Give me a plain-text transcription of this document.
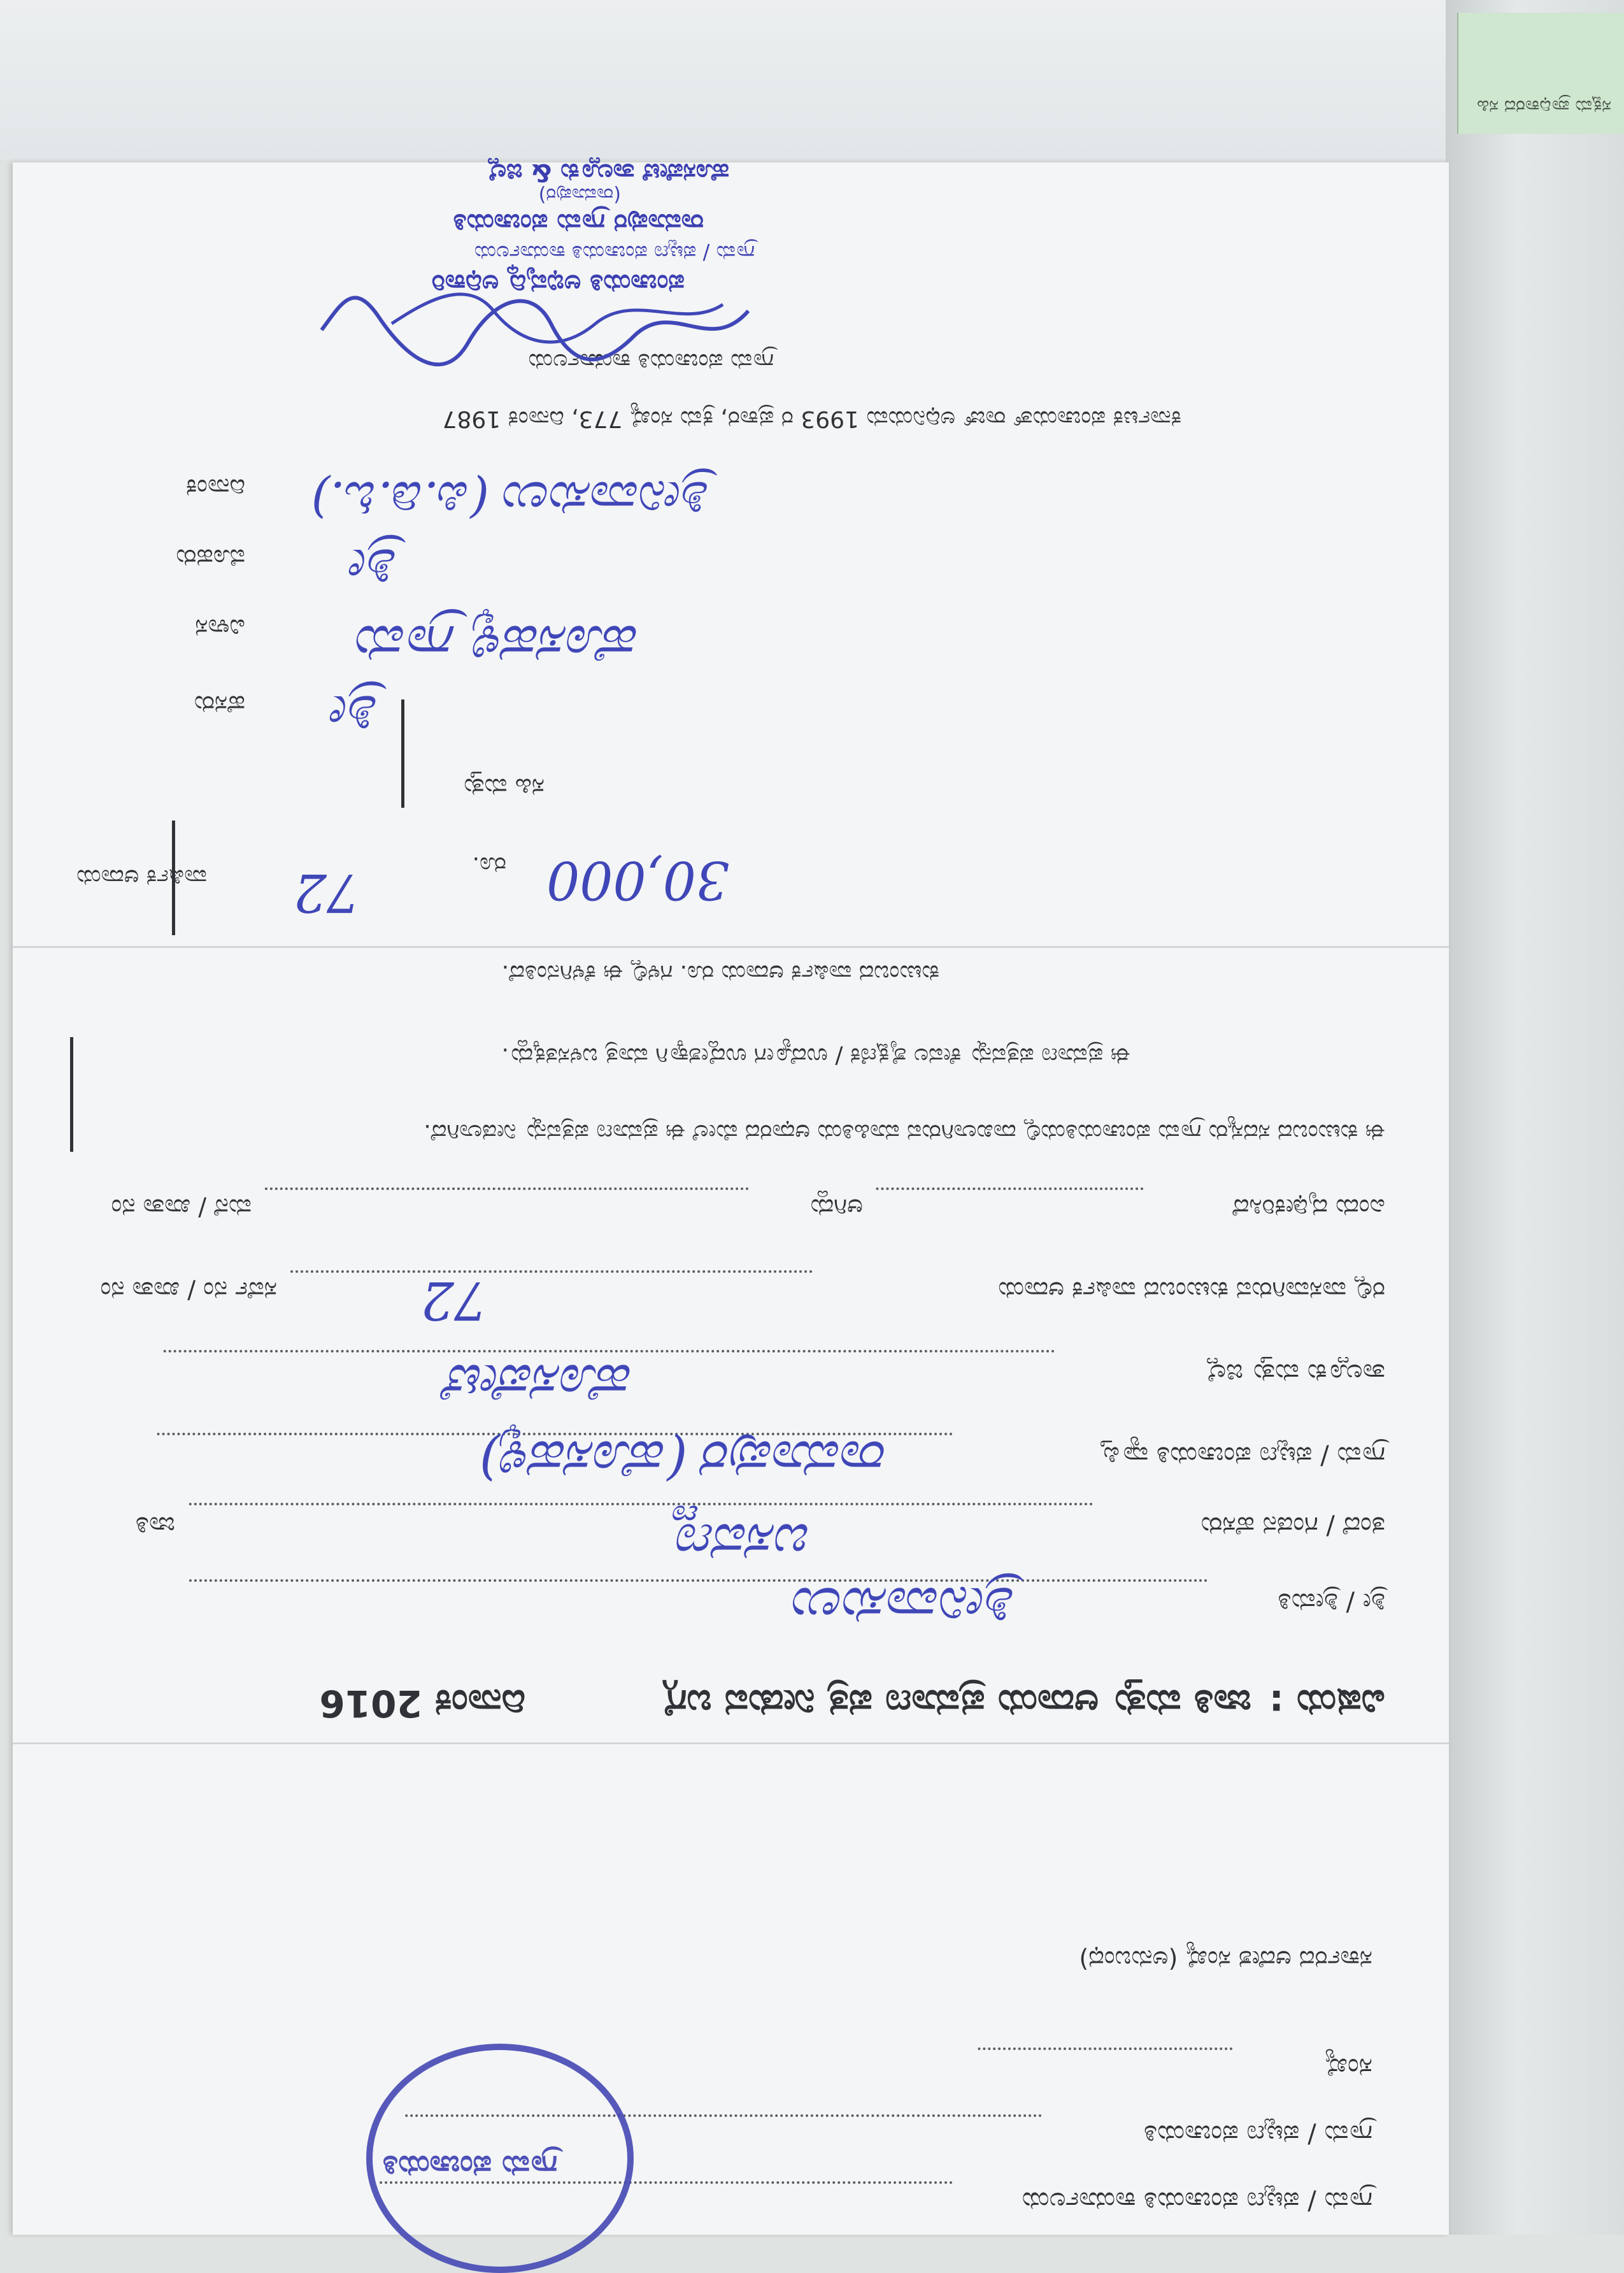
ಸಕ್ಷಮ ಪ್ರಾಧಿಕಾರದ ಸಹಿ
ಗ್ರಾಮ / ಪಟ್ಟಣ ಪಂಚಾಯತಿ ಕಾರ್ಯಾಲಯ
ಗ್ರಾಮ / ಪಟ್ಟಣ ಪಂಚಾಯತಿ
ಸಂಖ್ಯೆ
ಸರ್ಕಾರದ ಆದೇಶ ಸಂಖ್ಯೆ (ಅನುಬಂಧ)
ಗ್ರಾಮ ಪಂಚಾಯತಿ
ವಿಷಯ :
ಜಾತಿ ಮತ್ತು ಆದಾಯ ಪ್ರಮಾಣ ಪತ್ರ ನೀಡುವ ಬಗ್ಗೆ
ದಿನಾಂಕ 2016
ಶ್ರೀ / ಶ್ರೀಮತಿ
ಶ್ರೀನಿವಾಸುಲು
ತಂದೆ / ಗಂಡನ ಹೆಸರು
ಬಸವಣ್ಣ
ಜಾತಿ
ಗ್ರಾಮ / ಪಟ್ಟಣ ಪಂಚಾಯತಿ ವ್ಯಾಪ್ತಿ
ರಾಮಾಪುರ (ಹೊಸಹಳ್ಳಿ)
ತಾಲ್ಲೂಕು ಮತ್ತು ಜಿಲ್ಲೆ
ಹೊಸಪೇಟೆ
ರಲ್ಲಿ ವಾಸವಾಗಿರುವ ಕುಟುಂಬದ ವಾರ್ಷಿಕ ಆದಾಯ
72
ಸರ್ವೆ ನಂ / ಖಾತಾ ನಂ
ಎಂದು ದೃಢೀಕರಿಸಿದೆ
ಆಗಿದ್ದು
ಮನೆ / ಖಾತಾ ನಂ
ಈ ಕುಟುಂಬದ ಸದಸ್ಯರು ಗ್ರಾಮ ಪಂಚಾಯತಿಯಲ್ಲಿ ದಾಖಲಾಗಿರುವ ಮಾಹಿತಿಯ ಆಧಾರದ ಮೇಲೆ ಈ ಪ್ರಮಾಣ ಪತ್ರವನ್ನು ನೀಡಲಾಗಿದೆ.
ಈ ಪ್ರಮಾಣ ಪತ್ರವನ್ನು ಕೇವಲ ಶೈಕ್ಷಣಿಕ / ಉದ್ಯೋಗ ಉದ್ದೇಶಕ್ಕಾಗಿ ಮಾತ್ರ ಬಳಸತಕ್ಕದ್ದು.
ಕುಟುಂಬದ ವಾರ್ಷಿಕ ಆದಾಯ ರೂ. ಗಳಲ್ಲಿ ಈ ಕೆಳಗಿನಂತಿದೆ.
ವಾರ್ಷಿಕ ಆದಾಯ 72	ರೂ. 30,000
ಸಹಿ ಮತ್ತು
ಹೆಸರು ಶ್ರೀ
ವಿಳಾಸ ಹೊಸಹಳ್ಳಿ ಗ್ರಾಮ
ಮೊಹರು ಶ್ರೀ
ದಿನಾಂಕ ಶ್ರೀನಿವಾಸುಲು (ಪಿ.ಡಿ.ಓ.)
ಕರ್ನಾಟಕ ಪಂಚಾಯತ್ ರಾಜ್ ಅಧಿನಿಯಮ 1993 ರ ಪ್ರಕಾರ, ಕ್ರಮ ಸಂಖ್ಯೆ 773, ದಿನಾಂಕ 1987
ಗ್ರಾಮ ಪಂಚಾಯತಿ ಕಾರ್ಯಾಲಯ
ಪಂಚಾಯತಿ ಅಭಿವೃದ್ಧಿ ಅಧಿಕಾರಿ
ಗ್ರಾಮ / ಪಟ್ಟಣ ಪಂಚಾಯತಿ ಕಾರ್ಯಾಲಯ
ರಾಮಾಪುರ ಗ್ರಾಮ ಪಂಚಾಯತಿ
(ರಾಮಾಪುರ)
ಹೊಸಪೇಟೆ ತಾಲ್ಲೂಕು & ಜಿಲ್ಲೆ
